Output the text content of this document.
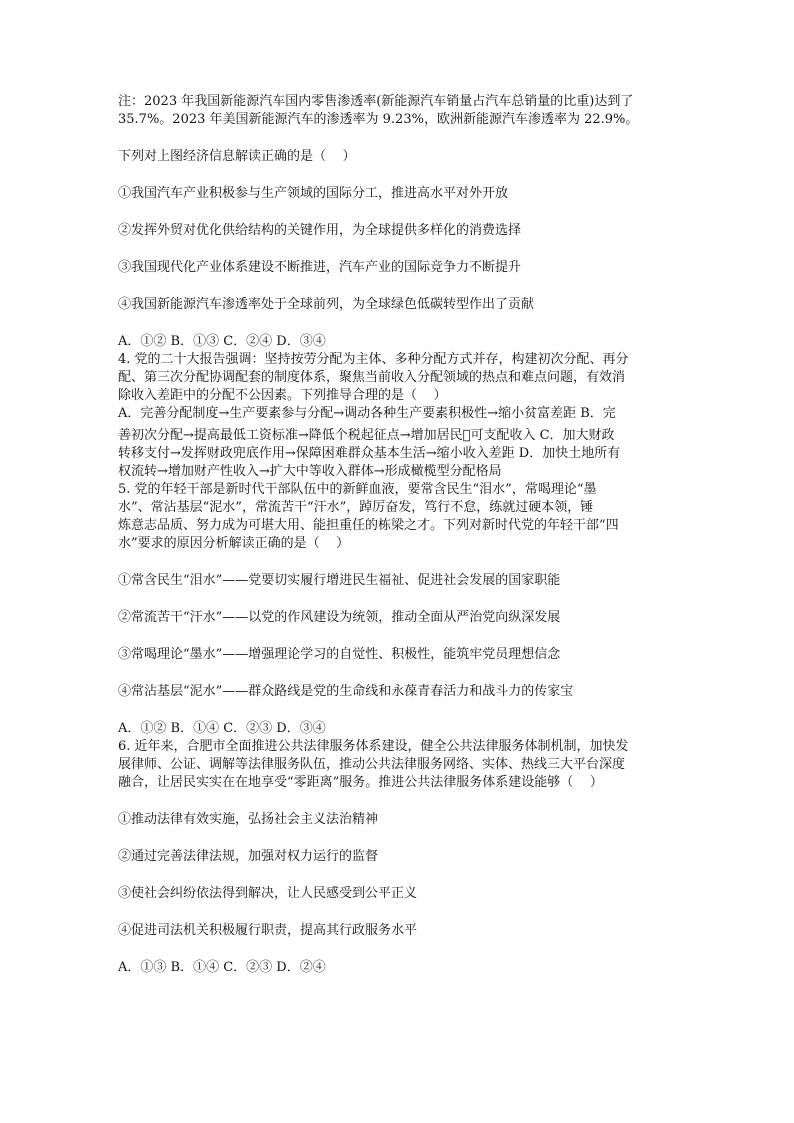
注：2023 年我国新能源汽车国内零售渗透率(新能源汽车销量占汽车总销量的比重)达到了

35.7%。2023 年美国新能源汽车的渗透率为 9.23%，欧洲新能源汽车渗透率为 22.9%。

下列对上图经济信息解读正确的是（    ）

①我国汽车产业积极参与生产领域的国际分工，推进高水平对外开放

②发挥外贸对优化供给结构的关键作用，为全球提供多样化的消费选择

③我国现代化产业体系建设不断推进，汽车产业的国际竞争力不断提升

④我国新能源汽车渗透率处于全球前列，为全球绿色低碳转型作出了贡献

A．①② B．①③ C．②④ D．③④

4. 党的二十大报告强调：坚持按劳分配为主体、多种分配方式并存，构建初次分配、再分

配、第三次分配协调配套的制度体系，聚焦当前收入分配领域的热点和难点问题，有效消

除收入差距中的分配不公因素。下列推导合理的是（    ）

A．完善分配制度→生产要素参与分配→调动各种生产要素积极性→缩小贫富差距 B．完

善初次分配→提高最低工资标准→降低个税起征点→增加居民􀀀可支配收入 C．加大财政

转移支付→发挥财政兜底作用→保障困难群众基本生活→缩小收入差距 D．加快土地所有

权流转→增加财产性收入→扩大中等收入群体→形成橄榄型分配格局

5. 党的年轻干部是新时代干部队伍中的新鲜血液，要常含民生“泪水”，常喝理论“墨

水”、常沾基层“泥水”，常流苦干“汗水”，踔厉奋发，笃行不怠，练就过硬本领，锤

炼意志品质、努力成为可堪大用、能担重任的栋梁之才。下列对新时代党的年轻干部“四

水”要求的原因分析解读正确的是（    ）

①常含民生“泪水”——党要切实履行增进民生福祉、促进社会发展的国家职能

②常流苦干“汗水”——以党的作风建设为统领，推动全面从严治党向纵深发展

③常喝理论“墨水”——增强理论学习的自觉性、积极性，能筑牢党员理想信念

④常沾基层“泥水”——群众路线是党的生命线和永葆青春活力和战斗力的传家宝

A．①② B．①④ C．②③ D．③④

6. 近年来，合肥市全面推进公共法律服务体系建设，健全公共法律服务体制机制，加快发

展律师、公证、调解等法律服务队伍，推动公共法律服务网络、实体、热线三大平台深度

融合，让居民实实在在地享受“零距离”服务。推进公共法律服务体系建设能够（    ）

①推动法律有效实施，弘扬社会主义法治精神

②通过完善法律法规，加强对权力运行的监督

③使社会纠纷依法得到解决，让人民感受到公平正义

④促进司法机关积极履行职责，提高其行政服务水平

A．①③ B．①④ C．②③ D．②④
